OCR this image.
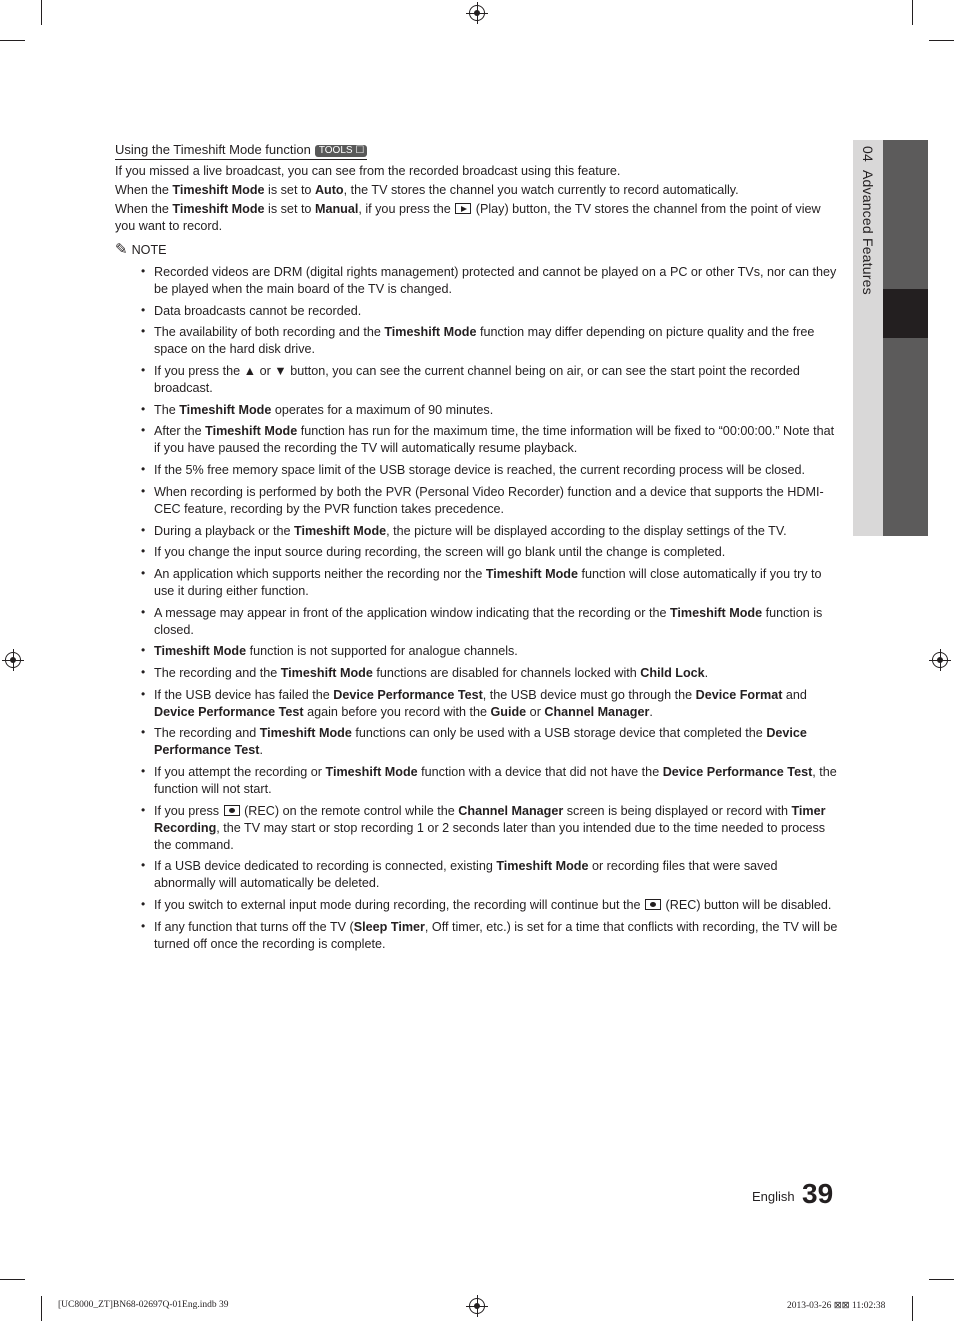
04Advanced Features
Using the Timeshift Mode function TOOLS ☐
If you missed a live broadcast, you can see from the recorded broadcast using this feature.
When the Timeshift Mode is set to Auto, the TV stores the channel you watch currently to record automatically.
When the Timeshift Mode is set to Manual, if you press the  (Play) button, the TV stores the channel from the point of view you want to record.
✎ NOTE
• Recorded videos are DRM (digital rights management) protected and cannot be played on a PC or other TVs, nor can they be played when the main board of the TV is changed.
• Data broadcasts cannot be recorded.
• The availability of both recording and the Timeshift Mode function may differ depending on picture quality and the free space on the hard disk drive.
• If you press the ▲ or ▼ button, you can see the current channel being on air, or can see the start point the recorded broadcast.
• The Timeshift Mode operates for a maximum of 90 minutes.
• After the Timeshift Mode function has run for the maximum time, the time information will be fixed to “00:00:00.” Note that if you have paused the recording the TV will automatically resume playback.
• If the 5% free memory space limit of the USB storage device is reached, the current recording process will be closed.
• When recording is performed by both the PVR (Personal Video Recorder) function and a device that supports the HDMI-CEC feature, recording by the PVR function takes precedence.
• During a playback or the Timeshift Mode, the picture will be displayed according to the display settings of the TV.
• If you change the input source during recording, the screen will go blank until the change is completed.
• An application which supports neither the recording nor the Timeshift Mode function will close automatically if you try to use it during either function.
• A message may appear in front of the application window indicating that the recording or the Timeshift Mode function is closed.
• Timeshift Mode function is not supported for analogue channels.
• The recording and the Timeshift Mode functions are disabled for channels locked with Child Lock.
• If the USB device has failed the Device Performance Test, the USB device must go through the Device Format and Device Performance Test again before you record with the Guide or Channel Manager.
• The recording and Timeshift Mode functions can only be used with a USB storage device that completed the Device Performance Test.
• If you attempt the recording or Timeshift Mode function with a device that did not have the Device Performance Test, the function will not start.
• If you press  (REC) on the remote control while the Channel Manager screen is being displayed or record with Timer Recording, the TV may start or stop recording 1 or 2 seconds later than you intended due to the time needed to process the command.
• If a USB device dedicated to recording is connected, existing Timeshift Mode or recording files that were saved abnormally will automatically be deleted.
• If you switch to external input mode during recording, the recording will continue but the  (REC) button will be disabled.
• If any function that turns off the TV (Sleep Timer, Off timer, etc.) is set for a time that conflicts with recording, the TV will be turned off once the recording is complete.
English 39
[UC8000_ZT]BN68-02697Q-01Eng.indb 39	2013-03-26 ⊠⊠ 11:02:38
